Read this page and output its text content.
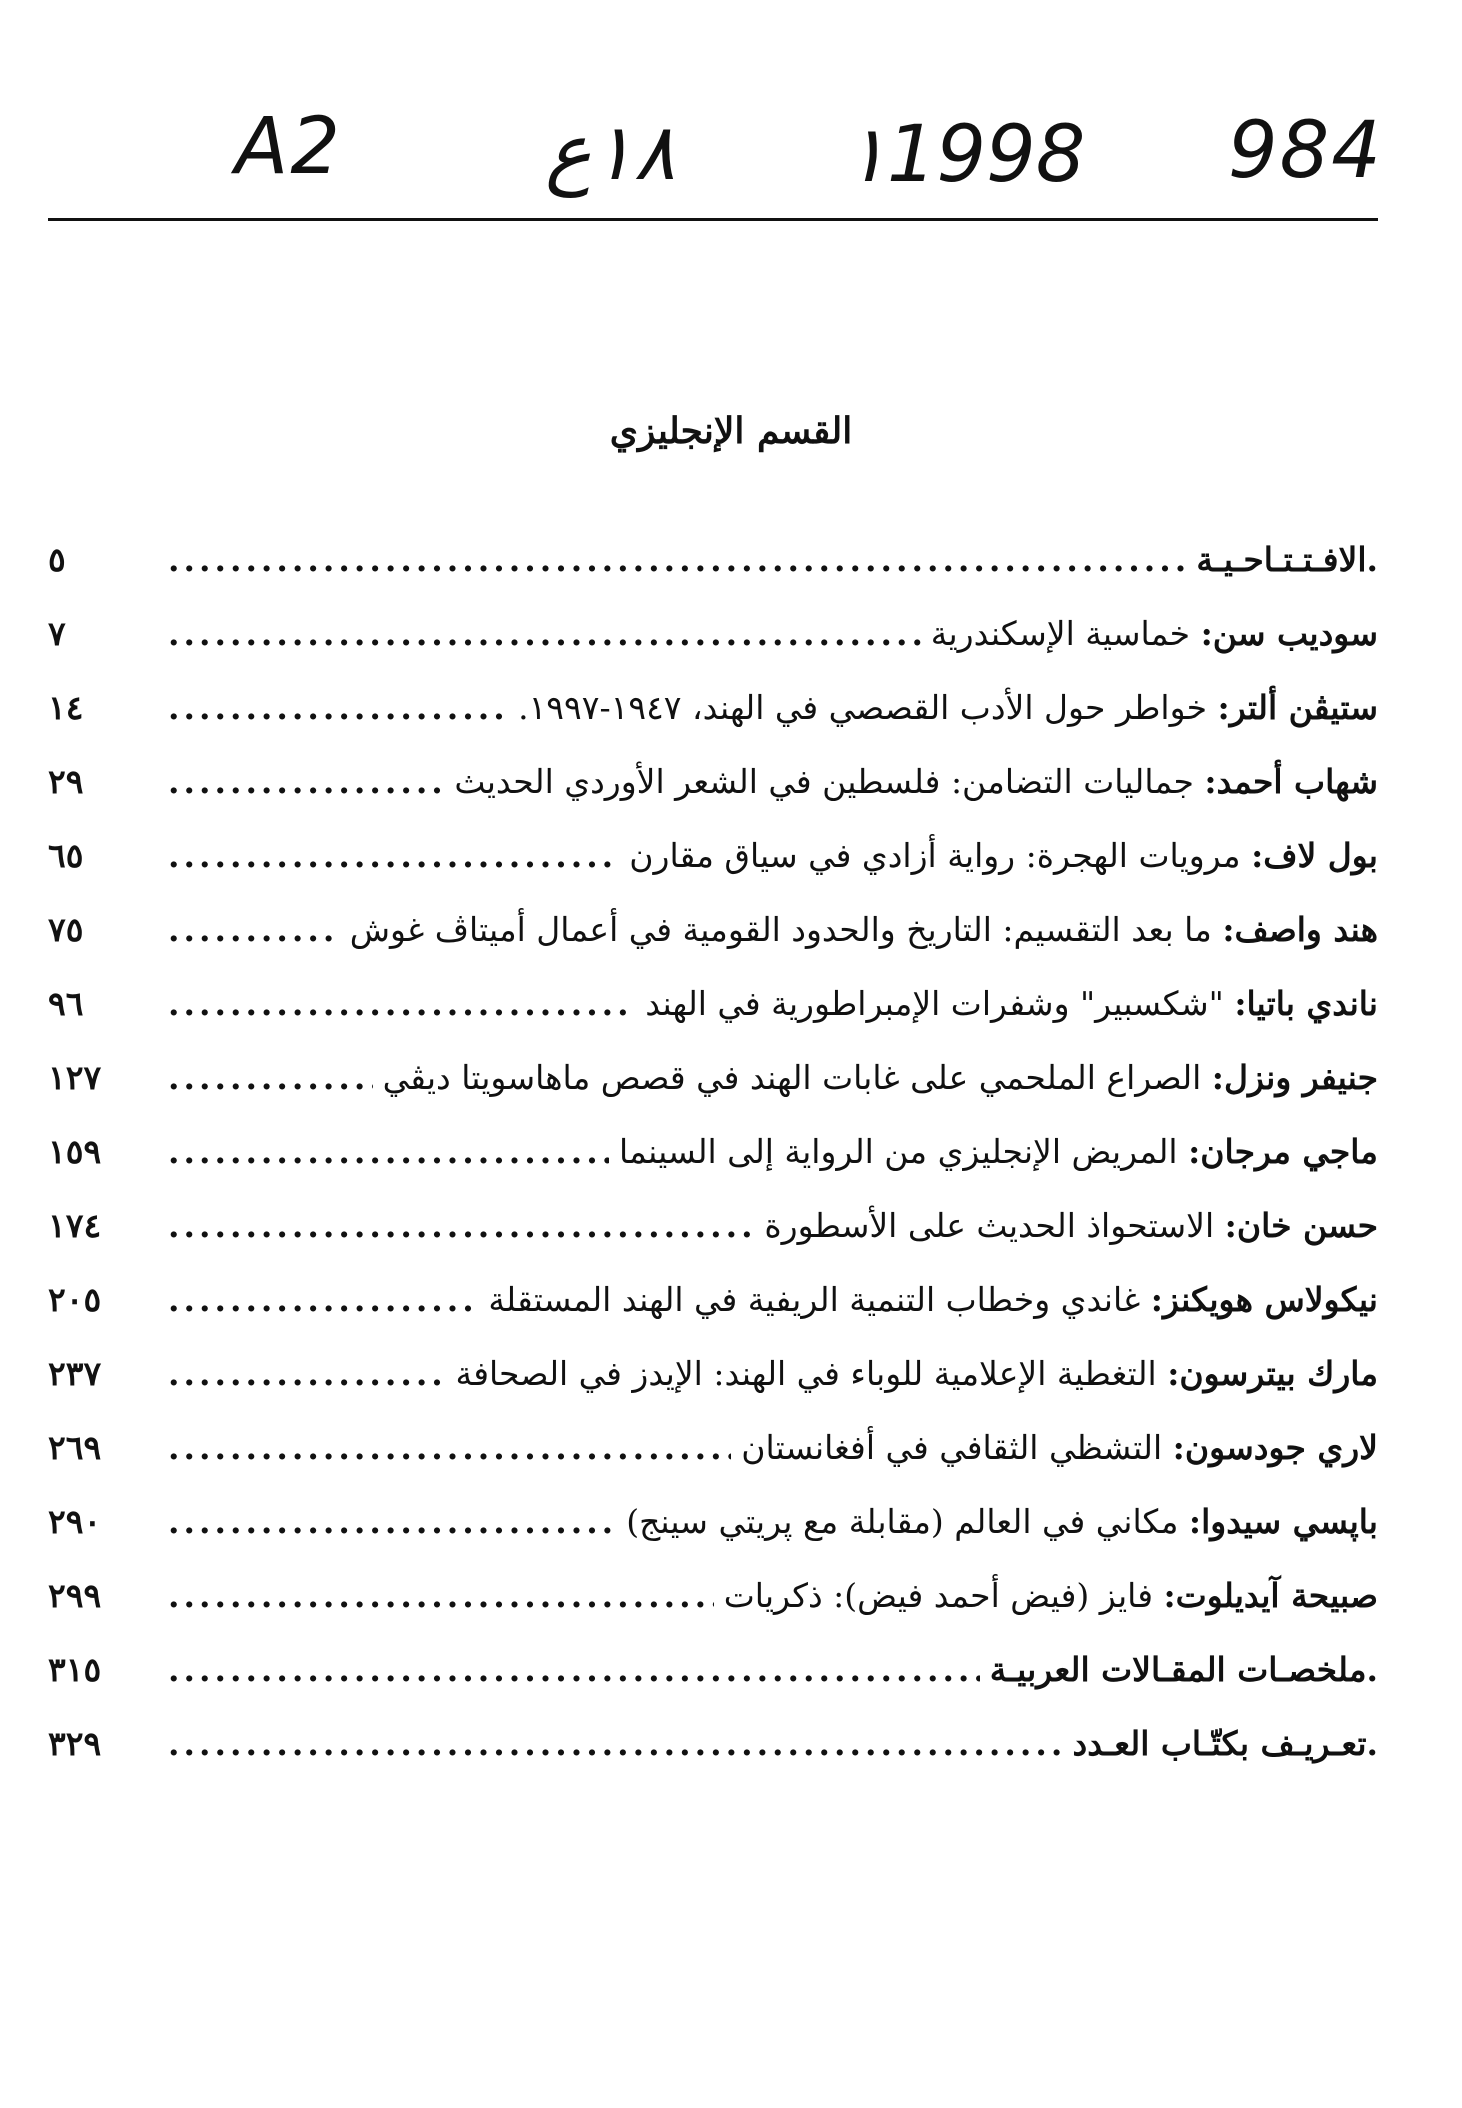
A2	١٨ع ١1998 984
القسم الإنجليزي
.الافـتـتـاحـيـة
.....
٥
سوديب سن:

خماسية الإسكندرية
.....
٧
ستيڤن ألتر:

خواطر حول الأدب القصصي في الهند، ١٩٤٧-١٩٩٧.
.....
١٤
شهاب أحمد:

جماليات التضامن: فلسطين في الشعر الأوردي الحديث
.....
٢٩
بول لاف:

مرويات الهجرة: رواية أزادي في سياق مقارن
.....
٦٥
هند واصف:

ما بعد التقسيم: التاريخ والحدود القومية في أعمال أميتاڤ غوش
.....
٧٥
ناندي باتيا:

"شكسبير" وشفرات الإمبراطورية في الهند
.....
٩٦
جنيفر ونزل:

الصراع الملحمي على غابات الهند في قصص ماهاسويتا ديڤي
.....
١٢٧
ماجي مرجان:

المريض الإنجليزي من الرواية إلى السينما
.....
١٥٩
حسن خان:

الاستحواذ الحديث على الأسطورة
.....
١٧٤
نيكولاس هويكنز:

غاندي وخطاب التنمية الريفية في الهند المستقلة
.....
٢٠٥
مارك بيترسون:

التغطية الإعلامية للوباء في الهند: الإيدز في الصحافة
.....
٢٣٧
لاري جودسون:

التشظي الثقافي في أفغانستان
.....
٢٦٩
باپسي سيدوا:

مكاني في العالم (مقابلة مع پريتي سينج)
.....
٢٩٠
صبيحة آيديلوت:

فايز (فيض أحمد فيض): ذكريات
.....
٢٩٩
.ملخصـات المقـالات العربيـة
.....
٣١٥
.تعـريـف بكتّـاب العـدد
.....
٣٢٩
